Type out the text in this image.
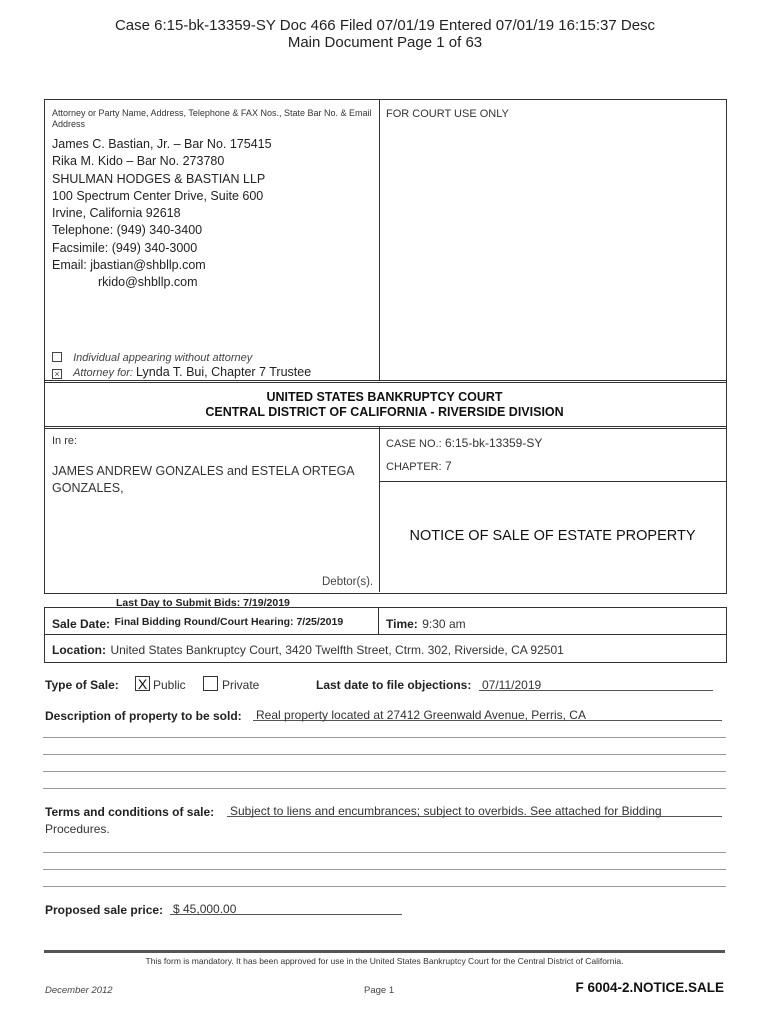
Case 6:15-bk-13359-SY Doc 466 Filed 07/01/19 Entered 07/01/19 16:15:37 Desc
Main Document Page 1 of 63
Attorney or Party Name, Address, Telephone & FAX Nos., State Bar No. & Email Address
James C. Bastian, Jr. – Bar No. 175415
Rika M. Kido – Bar No. 273780
SHULMAN HODGES & BASTIAN LLP
100 Spectrum Center Drive, Suite 600
Irvine, California 92618
Telephone: (949) 340-3400
Facsimile: (949) 340-3000
Email: jbastian@shbllp.com
rkido@shbllp.com
Individual appearing without attorney
× Attorney for: Lynda T. Bui, Chapter 7 Trustee
FOR COURT USE ONLY
UNITED STATES BANKRUPTCY COURT
CENTRAL DISTRICT OF CALIFORNIA - RIVERSIDE DIVISION
In re:
JAMES ANDREW GONZALES and ESTELA ORTEGA GONZALES,
Debtor(s).
CASE NO.: 6:15-bk-13359-SY
CHAPTER: 7
NOTICE OF SALE OF ESTATE PROPERTY
Last Day to Submit Bids: 7/19/2019
Sale Date: Final Bidding Round/Court Hearing: 7/25/2019	Time: 9:30 am
Location: United States Bankruptcy Court, 3420 Twelfth Street, Ctrm. 302, Riverside, CA 92501
Type of Sale: X Public	Private	Last date to file objections: 07/11/2019
Description of property to be sold: Real property located at 27412 Greenwald Avenue, Perris, CA
Terms and conditions of sale: Subject to liens and encumbrances; subject to overbids. See attached for Bidding
Procedures.
Proposed sale price: $ 45,000.00
This form is mandatory. It has been approved for use in the United States Bankruptcy Court for the Central District of California.
December 2012	Page 1	F 6004-2.NOTICE.SALE
